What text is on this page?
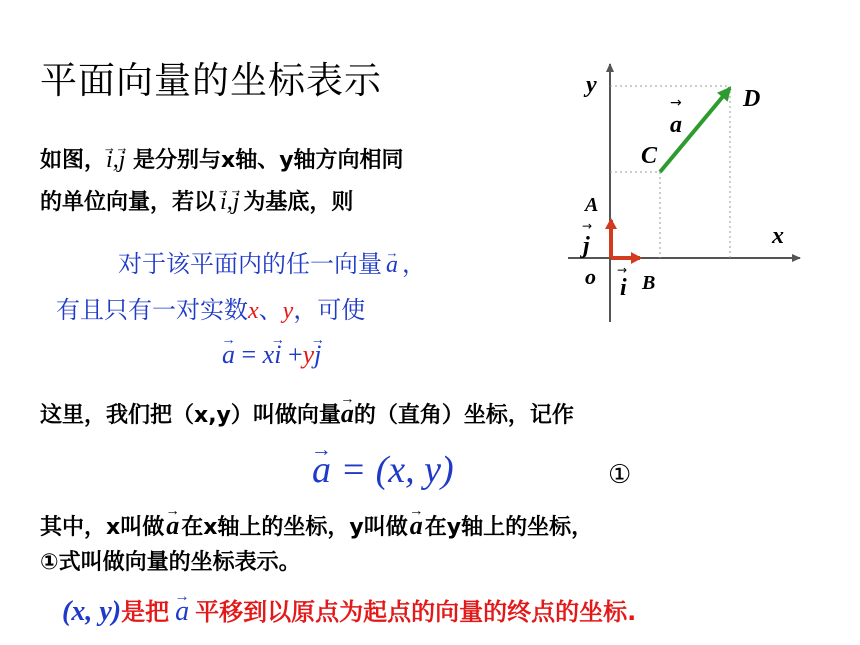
平面向量的坐标表示
如图，→ i,→ j 是分别与x轴、y轴方向相同
的单位向量，若以 → i,→ j 为基底，则
对于该平面内的任一向量 → a ，
有且只有一对实数x、y，可使
→ a = x→ i +y→ j
这里，我们把（x,y）叫做向量→ a的（直角）坐标，记作
→ a = (x, y)	①
其中，x叫做→ a在x轴上的坐标，y叫做→ a在y轴上的坐标，
①式叫做向量的坐标表示。
(x, y)是把 → a 平移到以原点为起点的向量的终点的坐标.
y
x
D
C
a
→
A
B
o
j
→
i
→
